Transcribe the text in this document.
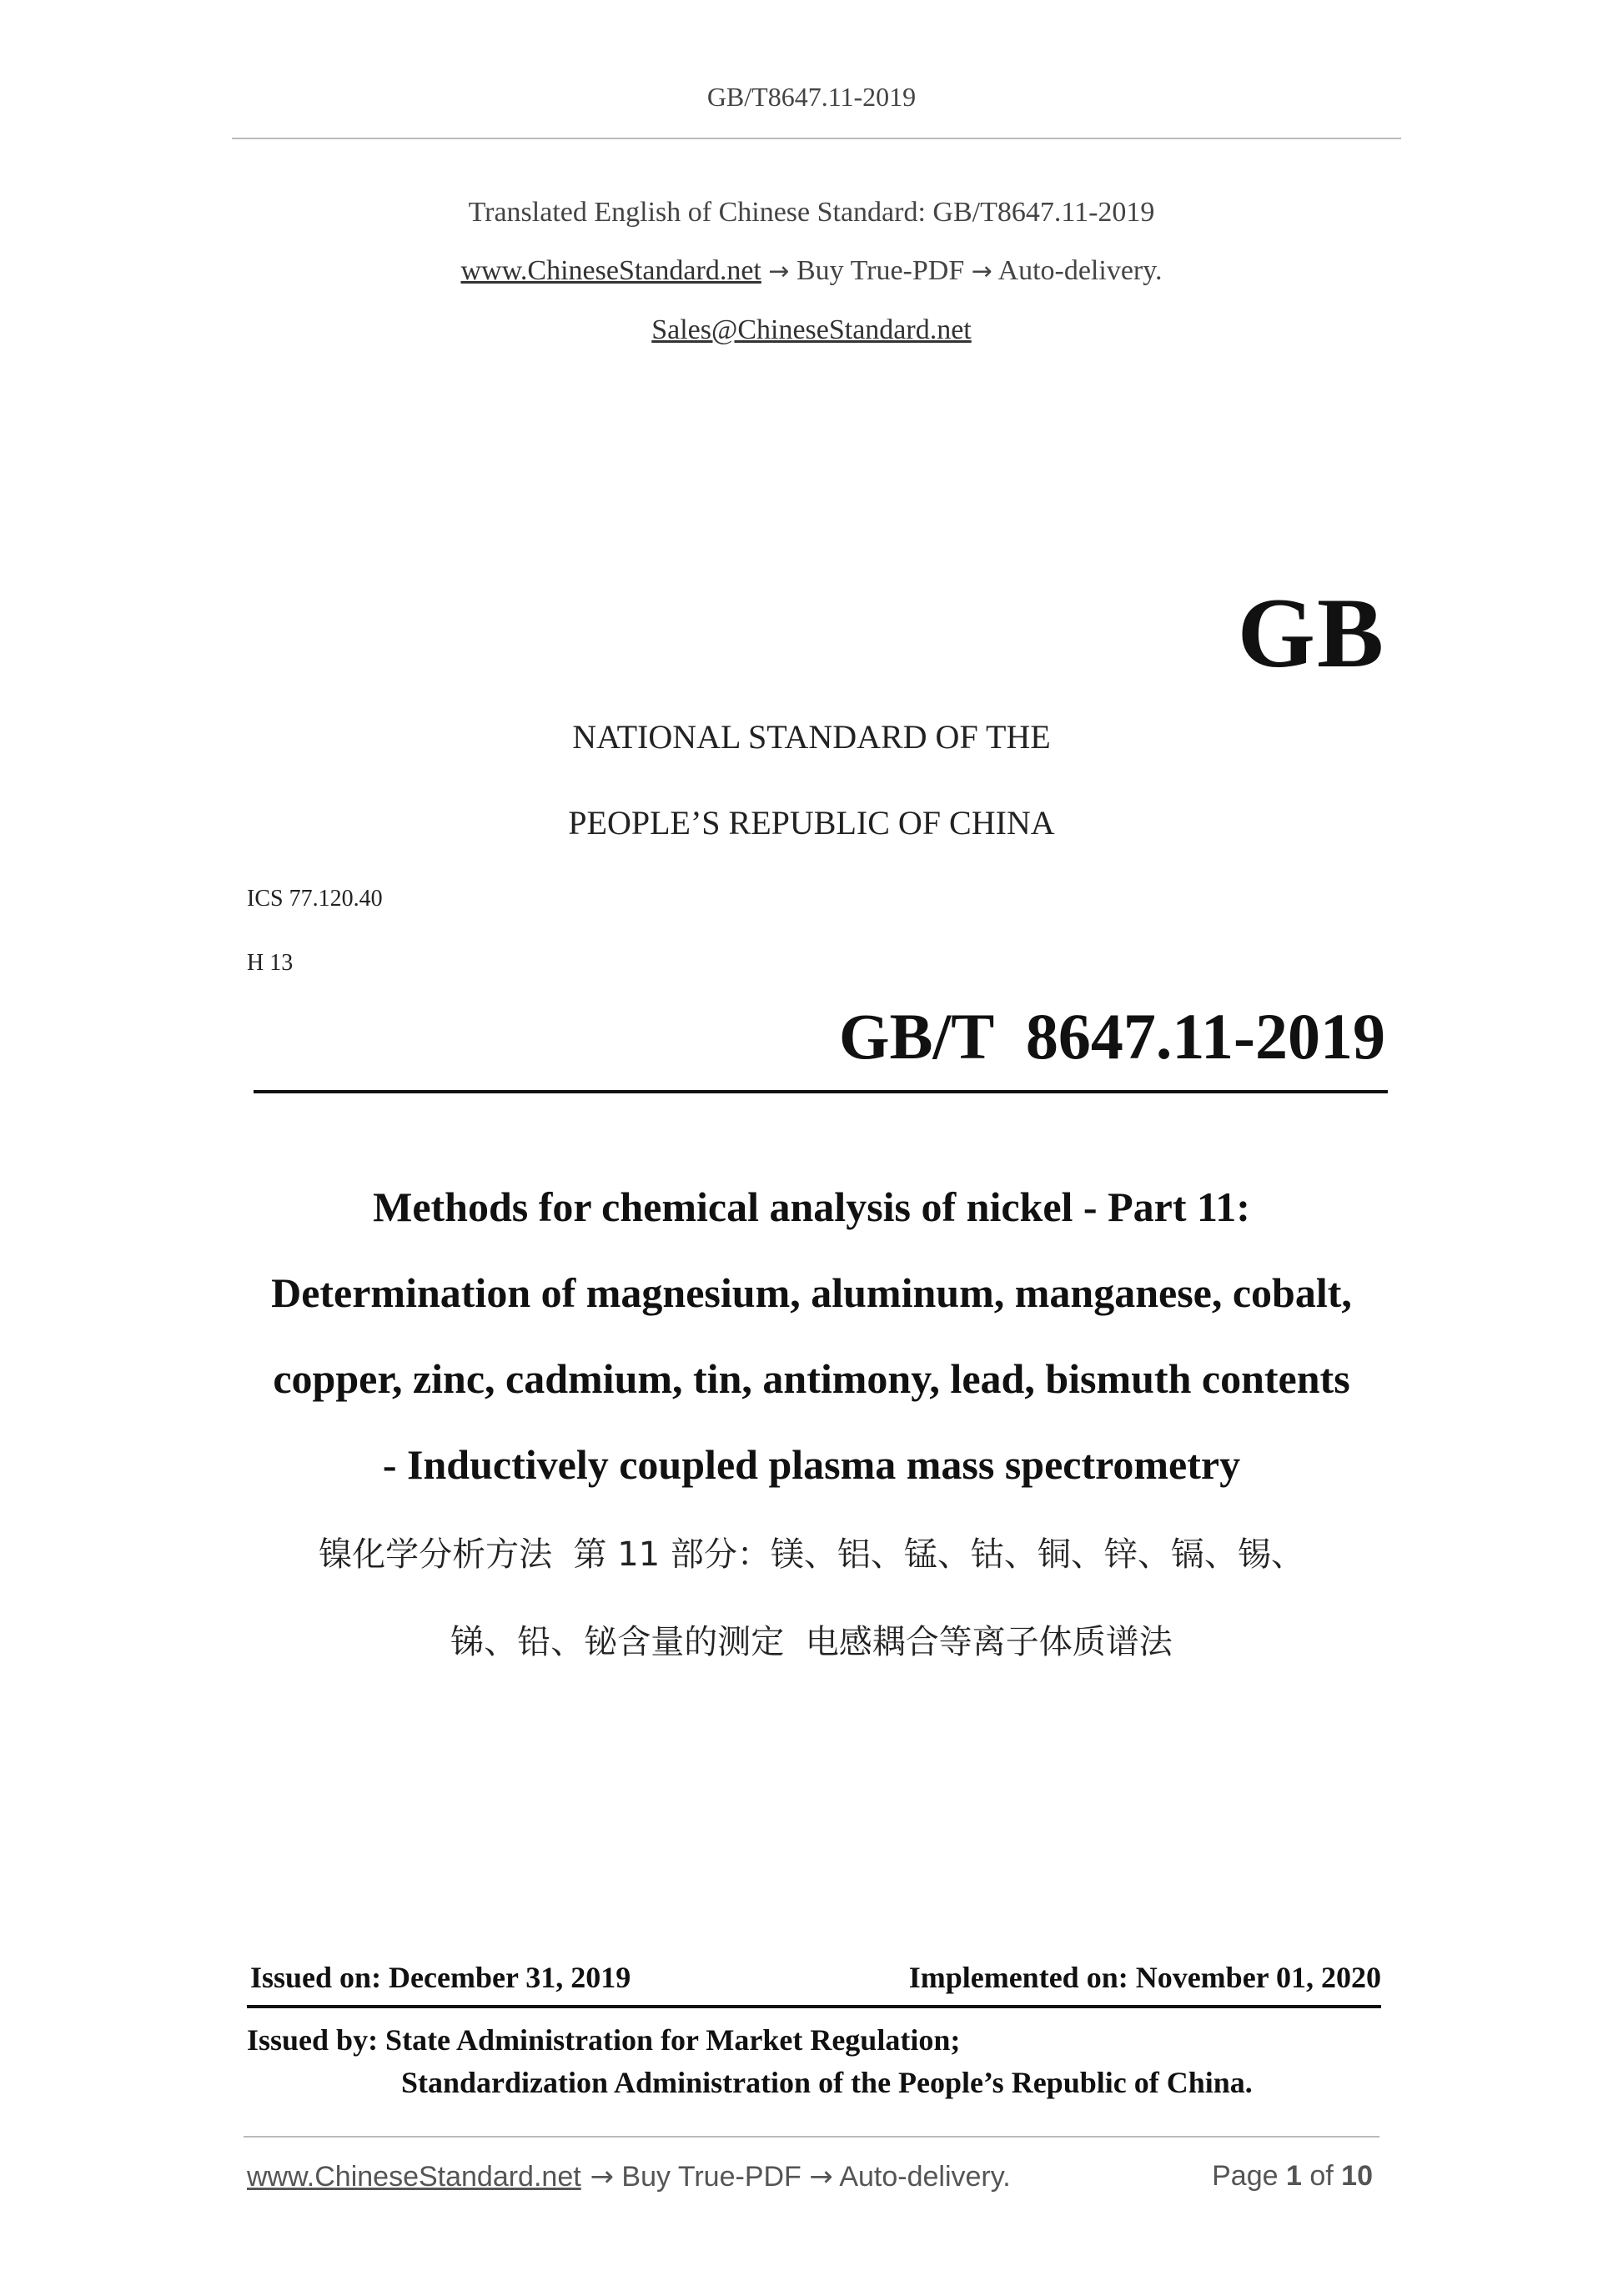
GB/T8647.11-2019
Translated English of Chinese Standard: GB/T8647.11-2019
www.ChineseStandard.net → Buy True-PDF → Auto-delivery.
Sales@ChineseStandard.net
GB
NATIONAL STANDARD OF THE
PEOPLE’S REPUBLIC OF CHINA
ICS 77.120.40
H 13
GB/T  8647.11-2019
Methods for chemical analysis of nickel - Part 11:
Determination of magnesium, aluminum, manganese, cobalt,
copper, zinc, cadmium, tin, antimony, lead, bismuth contents
- Inductively coupled plasma mass spectrometry
镍化学分析方法  第 11 部分：镁、铝、锰、钴、铜、锌、镉、锡、
锑、铅、铋含量的测定  电感耦合等离子体质谱法
Issued on: December 31, 2019	Implemented on: November 01, 2020
Issued by: State Administration for Market Regulation;
Standardization Administration of the People’s Republic of China.
www.ChineseStandard.net → Buy True-PDF → Auto-delivery.	Page 1 of 10
